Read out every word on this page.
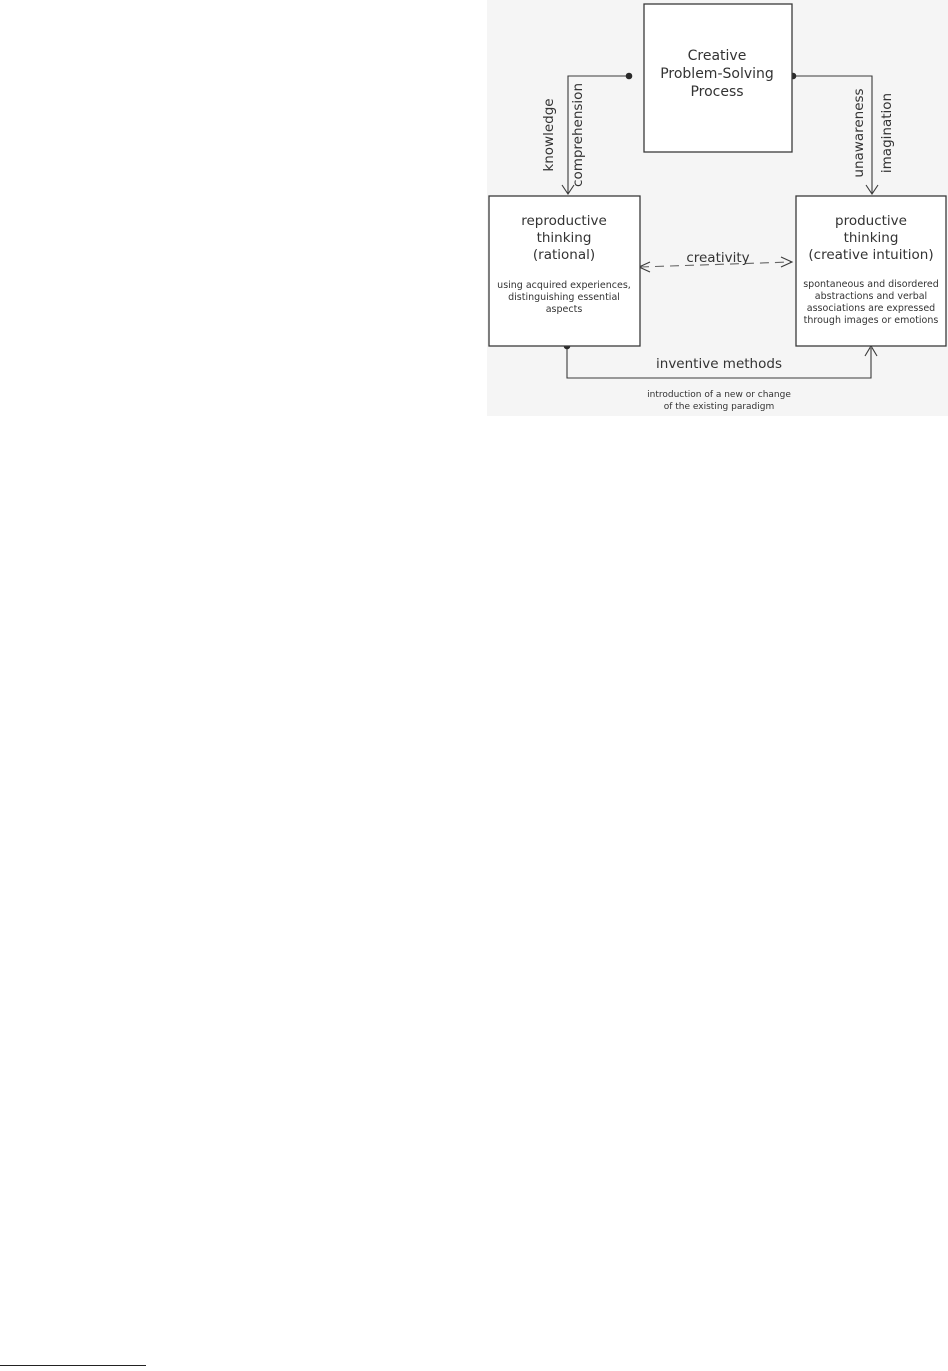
Creative
Problem-Solving
Process
reproductive
thinking
(rational)
using acquired experiences,
distinguishing essential
aspects
productive
thinking
(creative intuition)
spontaneous and disordered
abstractions and verbal
associations are expressed
through images or emotions
knowledge comprehension	unawareness imagination
creativity
inventive methods
introduction of a new or change
of the existing paradigm
